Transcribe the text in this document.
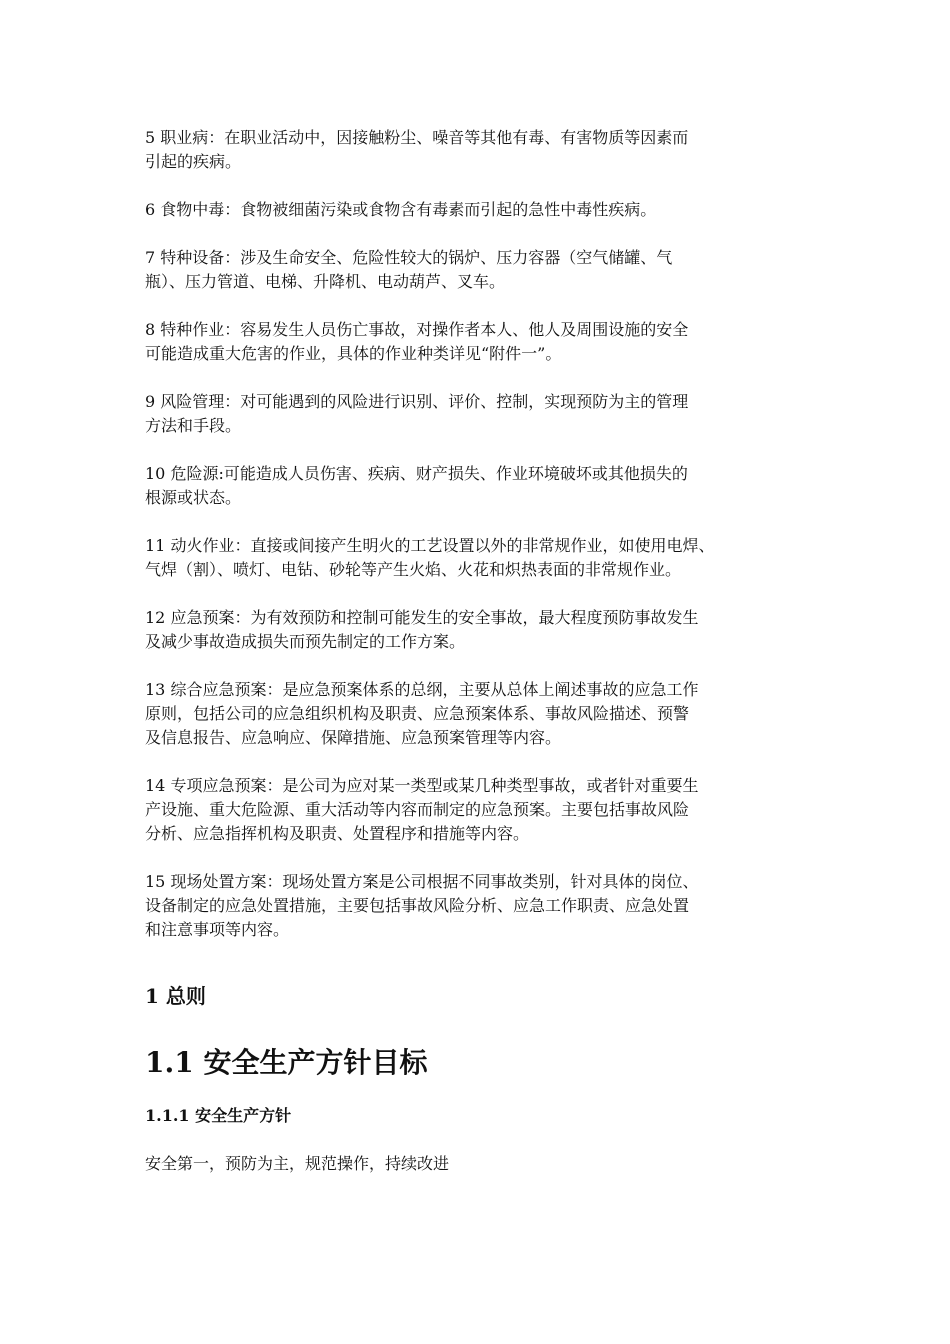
5 职业病：在职业活动中，因接触粉尘、噪音等其他有毒、有害物质等因素而
引起的疾病。

6 食物中毒：食物被细菌污染或食物含有毒素而引起的急性中毒性疾病。

7 特种设备：涉及生命安全、危险性较大的锅炉、压力容器（空气储罐、气
瓶）、压力管道、电梯、升降机、电动葫芦、叉车。

8 特种作业：容易发生人员伤亡事故，对操作者本人、他人及周围设施的安全
可能造成重大危害的作业，具体的作业种类详见“附件一”。

9 风险管理：对可能遇到的风险进行识别、评价、控制，实现预防为主的管理
方法和手段。

10 危险源:可能造成人员伤害、疾病、财产损失、作业环境破坏或其他损失的
根源或状态。

11 动火作业：直接或间接产生明火的工艺设置以外的非常规作业，如使用电焊、
气焊（割）、喷灯、电钻、砂轮等产生火焰、火花和炽热表面的非常规作业。

12 应急预案：为有效预防和控制可能发生的安全事故，最大程度预防事故发生
及减少事故造成损失而预先制定的工作方案。

13 综合应急预案：是应急预案体系的总纲，主要从总体上阐述事故的应急工作
原则，包括公司的应急组织机构及职责、应急预案体系、事故风险描述、预警
及信息报告、应急响应、保障措施、应急预案管理等内容。

14 专项应急预案：是公司为应对某一类型或某几种类型事故，或者针对重要生
产设施、重大危险源、重大活动等内容而制定的应急预案。主要包括事故风险
分析、应急指挥机构及职责、处置程序和措施等内容。

15 现场处置方案：现场处置方案是公司根据不同事故类别，针对具体的岗位、
设备制定的应急处置措施，主要包括事故风险分析、应急工作职责、应急处置
和注意事项等内容。

1 总则
1.1 安全生产方针目标
1.1.1 安全生产方针

安全第一，预防为主，规范操作，持续改进
